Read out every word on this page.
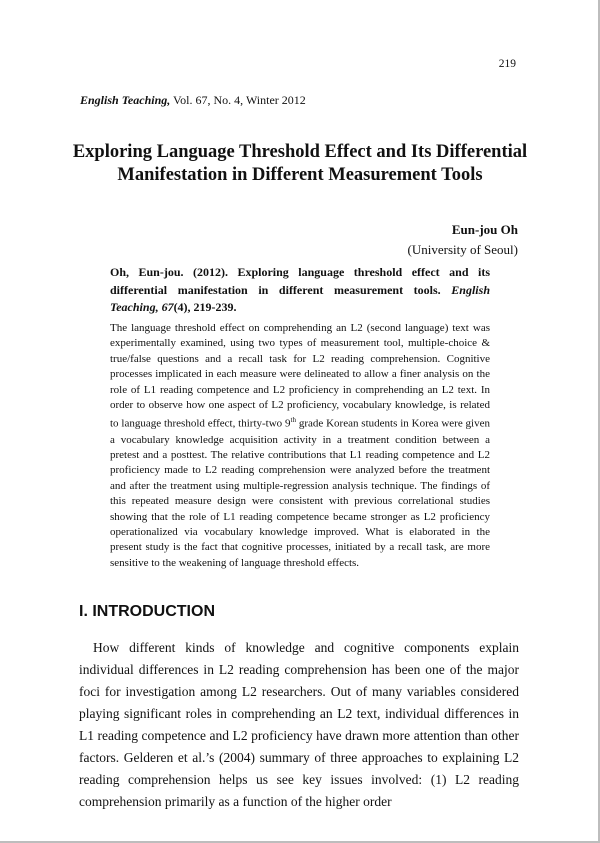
219
English Teaching, Vol. 67, No. 4, Winter 2012
Exploring Language Threshold Effect and Its Differential
Manifestation in Different Measurement Tools
Eun-jou Oh
(University of Seoul)
Oh, Eun-jou. (2012). Exploring language threshold effect and its differential manifestation in different measurement tools. English Teaching, 67(4), 219-239.
The language threshold effect on comprehending an L2 (second language) text was experimentally examined, using two types of measurement tool, multiple-choice & true/false questions and a recall task for L2 reading comprehension. Cognitive processes implicated in each measure were delineated to allow a finer analysis on the role of L1 reading competence and L2 proficiency in comprehending an L2 text. In order to observe how one aspect of L2 proficiency, vocabulary knowledge, is related to language threshold effect, thirty-two 9th grade Korean students in Korea were given a vocabulary knowledge acquisition activity in a treatment condition between a pretest and a posttest. The relative contributions that L1 reading competence and L2 proficiency made to L2 reading comprehension were analyzed before the treatment and after the treatment using multiple-regression analysis technique. The findings of this repeated measure design were consistent with previous correlational studies showing that the role of L1 reading competence became stronger as L2 proficiency operationalized via vocabulary knowledge improved. What is elaborated in the present study is the fact that cognitive processes, initiated by a recall task, are more sensitive to the weakening of language threshold effects.
I. INTRODUCTION
How different kinds of knowledge and cognitive components explain individual differences in L2 reading comprehension has been one of the major foci for investigation among L2 researchers. Out of many variables considered playing significant roles in comprehending an L2 text, individual differences in L1 reading competence and L2 proficiency have drawn more attention than other factors. Gelderen et al.’s (2004) summary of three approaches to explaining L2 reading comprehension helps us see key issues involved: (1) L2 reading comprehension primarily as a function of the higher order
